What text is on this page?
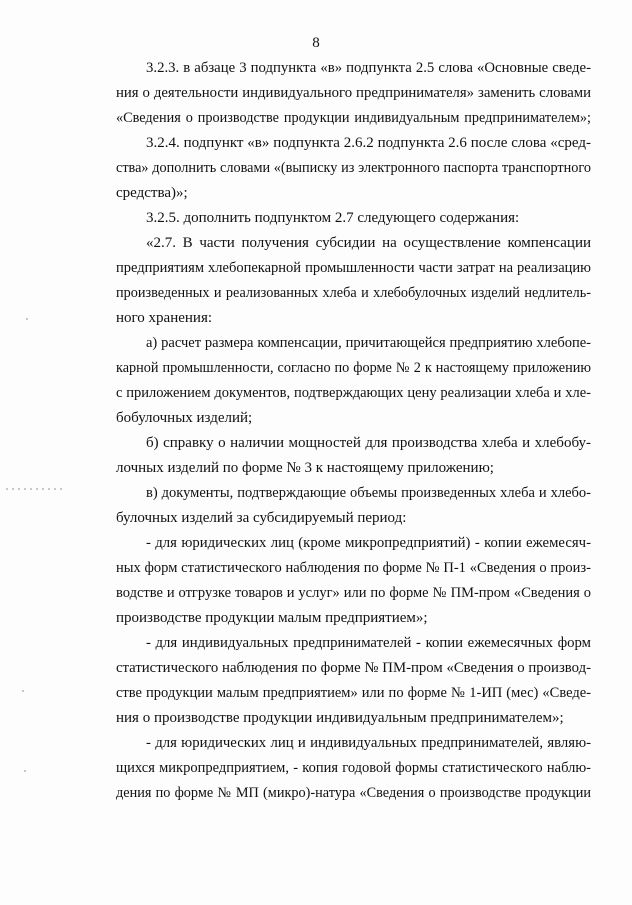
8
3.2.3. в абзаце 3 подпункта «в» подпункта 2.5 слова «Основные сведе-
ния о деятельности индивидуального предпринимателя» заменить словами
«Сведения о производстве продукции индивидуальным предпринимателем»;
3.2.4. подпункт «в» подпункта 2.6.2 подпункта 2.6 после слова «сред-
ства» дополнить словами «(выписку из электронного паспорта транспортного
средства)»;
3.2.5. дополнить подпунктом 2.7 следующего содержания:
«2.7. В части получения субсидии на осуществление компенсации
предприятиям хлебопекарной промышленности части затрат на реализацию
произведенных и реализованных хлеба и хлебобулочных изделий недлитель-
ного хранения:
а) расчет размера компенсации, причитающейся предприятию хлебопе-
карной промышленности, согласно по форме № 2 к настоящему приложению
с приложением документов, подтверждающих цену реализации хлеба и хле-
бобулочных изделий;
б) справку о наличии мощностей для производства хлеба и хлебобу-
лочных изделий по форме № 3 к настоящему приложению;
в) документы, подтверждающие объемы произведенных хлеба и хлебо-
булочных изделий за субсидируемый период:
- для юридических лиц (кроме микропредприятий) - копии ежемесяч-
ных форм статистического наблюдения по форме № П-1 «Сведения о произ-
водстве и отгрузке товаров и услуг» или по форме № ПМ-пром «Сведения о
производстве продукции малым предприятием»;
- для индивидуальных предпринимателей - копии ежемесячных форм
статистического наблюдения по форме № ПМ-пром «Сведения о производ-
стве продукции малым предприятием» или по форме № 1-ИП (мес) «Сведе-
ния о производстве продукции индивидуальным предпринимателем»;
- для юридических лиц и индивидуальных предпринимателей, являю-
щихся микропредприятием, - копия годовой формы статистического наблю-
дения по форме № МП (микро)-натура «Сведения о производстве продукции
